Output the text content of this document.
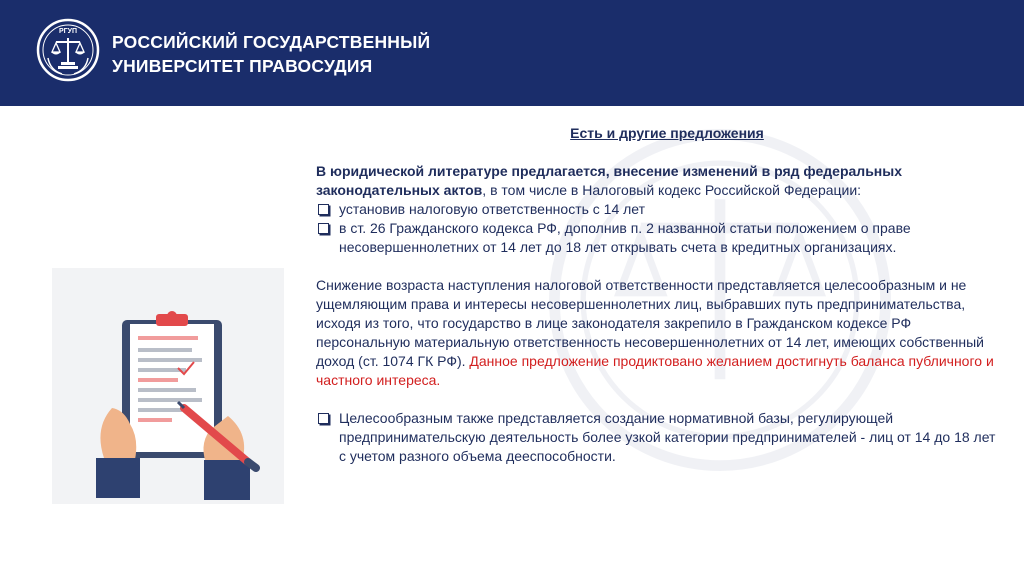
РГУП
РОССИЙСКИЙ ГОСУДАРСТВЕННЫЙ
УНИВЕРСИТЕТ ПРАВОСУДИЯ
Есть и другие предложения

В юридической литературе предлагается, внесение изменений в ряд федеральных законодательных актов, в том числе в Налоговый кодекс Российской Федерации:

установив налоговую ответственность с 14 лет
в ст. 26 Гражданского кодекса РФ, дополнив п. 2 названной статьи положением о праве несовершеннолетних от 14 лет до 18 лет открывать счета в кредитных организациях.

Снижение возраста наступления налоговой ответственности представляется целесообразным и не ущемляющим права и интересы несовершеннолетних лиц, выбравших путь предпринимательства, исходя из того, что государство в лице законодателя закрепило в Гражданском кодексе РФ персональную материальную ответственность несовершеннолетних от 14 лет, имеющих собственный доход (ст. 1074 ГК РФ). Данное предложение продиктовано желанием достигнуть баланса публичного и частного интереса.

Целесообразным также представляется создание нормативной базы, регулирующей предпринимательскую деятельность более узкой категории предпринимателей - лиц от 14 до 18 лет с учетом разного объема дееспособности.
